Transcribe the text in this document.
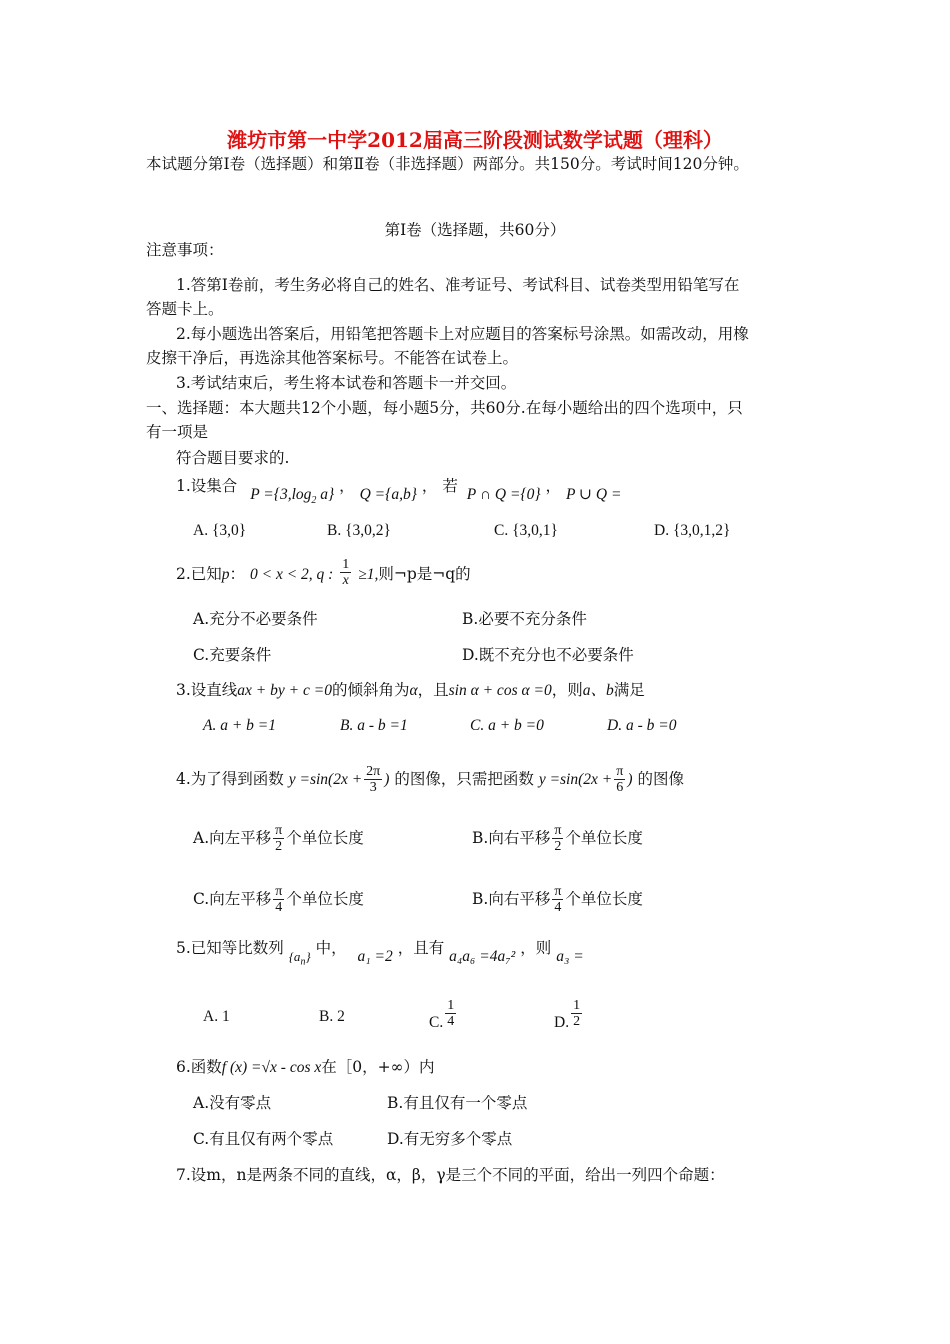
潍坊市第一中学2012届高三阶段测试数学试题（理科）
本试题分第Ⅰ卷（选择题）和第Ⅱ卷（非选择题）两部分。共150分。考试时间120分钟。
第Ⅰ卷（选择题，共60分）
注意事项：
1.答第Ⅰ卷前，考生务必将自己的姓名、准考证号、考试科目、试卷类型用铅笔写在
答题卡上。
2.每小题选出答案后，用铅笔把答题卡上对应题目的答案标号涂黑。如需改动，用橡
皮擦干净后，再选涂其他答案标号。不能答在试卷上。
3.考试结束后，考生将本试卷和答题卡一并交回。
一、选择题：本大题共12个小题，每小题5分，共60分.在每小题给出的四个选项中，只
有一项是
符合题目要求的.
1.设集合 $P =\{3,\log_2$ a} ， Q ={a,b} ， 若 P ∩ Q ={0} ， P ∪ Q =
A. {3,0}	B. {3,0,2}	C. {3,0,1}	D. {3,0,1,2}
2.已知p： 0 < x < 2, q : $\frac{1}{x} \ge 1$,则¬p是¬q的
A.充分不必要条件	B.必要不充分条件
C.充要条件	D.既不充分也不必要条件
3.设直线ax + by + c =0的倾斜角为α，且sin α + cos α =0，则a、b满足
A. a + b =1	B. a - b =1	C. a + b =0	D. a - b =0
4.为了得到函数 $y =\sin(2x + \frac{2\pi}{3}$ ) 的图像，只需把函数 $y =\sin(2x + \frac{\pi}{6}$ ) 的图像
A.向左平移 $\frac{\pi}{2}$ 个单位长度	B.向右平移 $\frac{\pi}{2}$ 个单位长度
C.向左平移 $\frac{\pi}{4}$ 个单位长度	B.向右平移 $\frac{\pi}{4}$ 个单位长度
5.已知等比数列 $_{\{a_n\}}$ 中， a₁ =2 ，且有 a₄a₆ =4a₇² ，则 a₃ =
A. 1	B. 2	C. $\frac{1}{4}$	D. $\frac{1}{2}$
6.函数f (x) =√x - cos x在［0，+∞）内
A.没有零点	B.有且仅有一个零点
C.有且仅有两个零点	D.有无穷多个零点
7.设m，n是两条不同的直线，α，β，γ是三个不同的平面，给出一列四个命题：
